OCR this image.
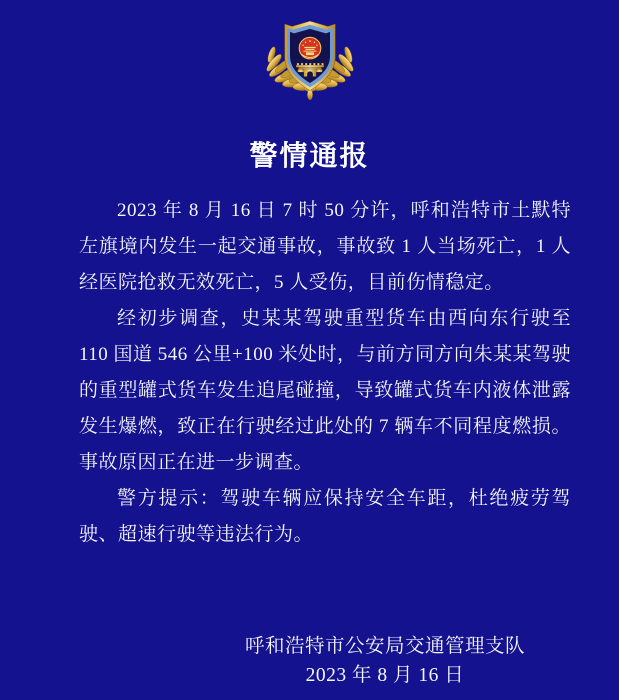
警情通报

2023 年 8 月 16 日 7 时 50 分许，呼和浩特市土默特左旗境内发生一起交通事故，事故致 1 人当场死亡，1 人经医院抢救无效死亡，5 人受伤，目前伤情稳定。

经初步调查，史某某驾驶重型货车由西向东行驶至 110 国道 546 公里+100 米处时，与前方同方向朱某某驾驶的重型罐式货车发生追尾碰撞，导致罐式货车内液体泄露发生爆燃，致正在行驶经过此处的 7 辆车不同程度燃损。事故原因正在进一步调查。

警方提示：驾驶车辆应保持安全车距，杜绝疲劳驾驶、超速行驶等违法行为。

呼和浩特市公安局交通管理支队
2023 年 8 月 16 日
